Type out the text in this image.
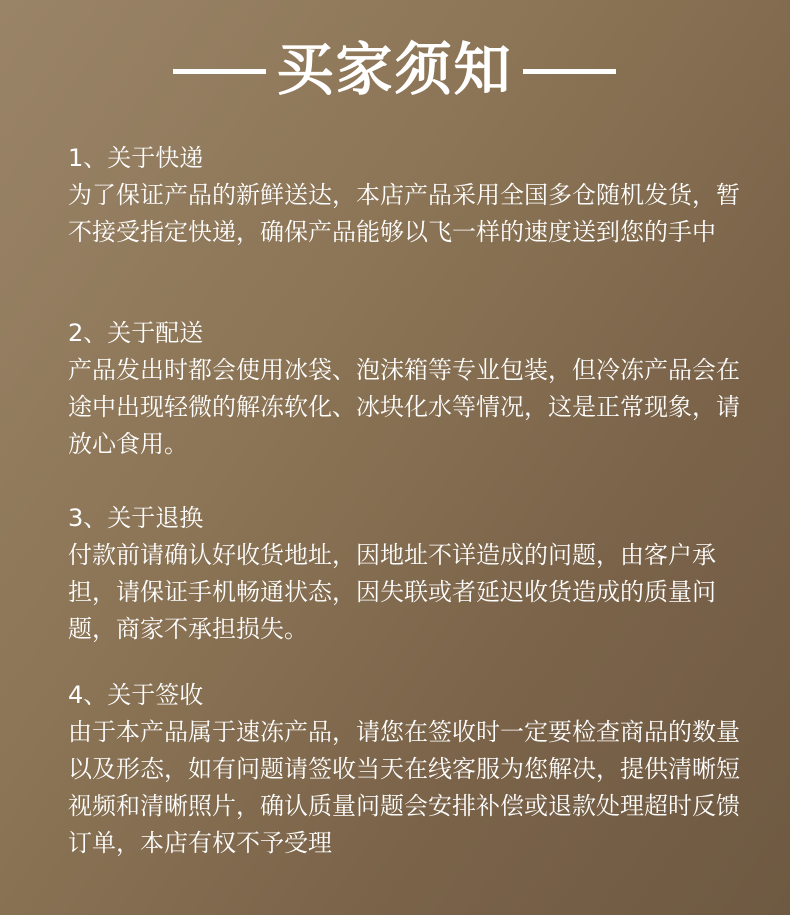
买家须知

1、关于快递

为了保证产品的新鲜送达，本店产品采用全国多仓随机发货，暂不接受指定快递，确保产品能够以飞一样的速度送到您的手中

2、关于配送

产品发出时都会使用冰袋、泡沫箱等专业包装，但冷冻产品会在途中出现轻微的解冻软化、冰块化水等情况，这是正常现象，请放心食用。

3、关于退换

付款前请确认好收货地址，因地址不详造成的问题，由客户承担，请保证手机畅通状态，因失联或者延迟收货造成的质量问题，商家不承担损失。

4、关于签收

由于本产品属于速冻产品，请您在签收时一定要检查商品的数量以及形态，如有问题请签收当天在线客服为您解决，提供清晰短视频和清晰照片，确认质量问题会安排补偿或退款处理超时反馈订单，本店有权不予受理
